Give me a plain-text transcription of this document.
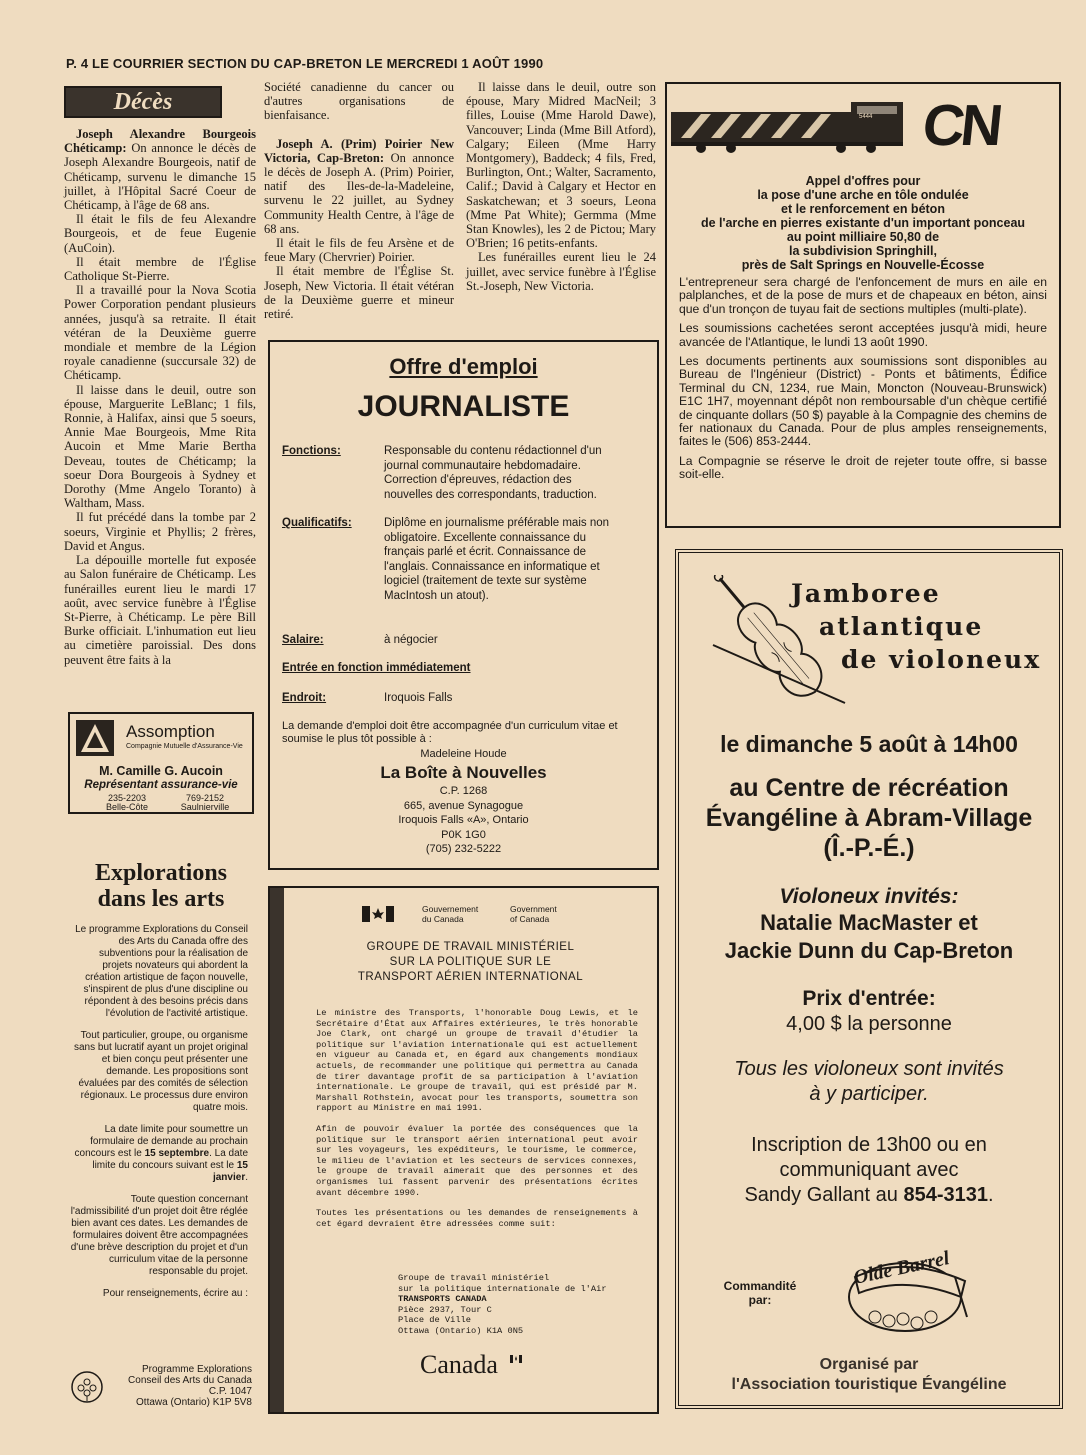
P. 4 LE COURRIER SECTION DU CAP-BRETON LE MERCREDI 1 AOÛT 1990
Décès

Joseph Alexandre Bourgeois Chéticamp: On annonce le décès de Joseph Alexandre Bourgeois, natif de Chéticamp, survenu le dimanche 15 juillet, à l'Hôpital Sacré Coeur de Chéticamp, à l'âge de 68 ans.

Il était le fils de feu Alexandre Bourgeois, et de feue Eugenie (AuCoin).

Il était membre de l'Église Catholique St-Pierre.

Il a travaillé pour la Nova Scotia Power Corporation pendant plusieurs années, jusqu'à sa retraite. Il était vétéran de la Deuxième guerre mondiale et membre de la Légion royale canadienne (succursale 32) de Chéticamp.

Il laisse dans le deuil, outre son épouse, Marguerite LeBlanc; 1 fils, Ronnie, à Halifax, ainsi que 5 soeurs, Annie Mae Bourgeois, Mme Rita Aucoin et Mme Marie Bertha Deveau, toutes de Chéticamp; la soeur Dora Bourgeois à Sydney et Dorothy (Mme Angelo Toranto) à Waltham, Mass.

Il fut précédé dans la tombe par 2 soeurs, Virginie et Phyllis; 2 frères, David et Angus.

La dépouille mortelle fut exposée au Salon funéraire de Chéticamp. Les funérailles eurent lieu le mardi 17 août, avec service funèbre à l'Église St-Pierre, à Chéticamp. Le père Bill Burke officiait. L'inhumation eut lieu au cimetière paroissial. Des dons peuvent être faits à la

Société canadienne du cancer ou d'autres organisations de bienfaisance.

Joseph A. (Prim) Poirier New Victoria, Cap-Breton: On annonce le décès de Joseph A. (Prim) Poirier, natif des Iles-de-la-Madeleine, survenu le 22 juillet, au Sydney Community Health Centre, à l'âge de 68 ans.

Il était le fils de feu Arsène et de feue Mary (Chervrier) Poirier.

Il était membre de l'Église St. Joseph, New Victoria. Il était vétéran de la Deuxième guerre et mineur retiré.

Il laisse dans le deuil, outre son épouse, Mary Midred MacNeil; 3 filles, Louise (Mme Harold Dawe), Vancouver; Linda (Mme Bill Atford), Calgary; Eileen (Mme Harry Montgomery), Baddeck; 4 fils, Fred, Burlington, Ont.; Walter, Sacramento, Calif.; David à Calgary et Hector en Saskatchewan; et 3 soeurs, Leona (Mme Pat White); Germma (Mme Stan Knowles), les 2 de Pictou; Mary O'Brien; 16 petits-enfants.

Les funérailles eurent lieu le 24 juillet, avec service funèbre à l'Église St.-Joseph, New Victoria.

Assomption
Compagnie Mutuelle d'Assurance-Vie
M. Camille G. Aucoin
Représentant assurance-vie
235-2203
Belle-Côte
769-2152
Saulnierville
Explorations
dans les arts

Le programme Explorations du Conseil des Arts du Canada offre des subventions pour la réalisation de projets novateurs qui abordent la création artistique de façon nouvelle, s'inspirent de plus d'une discipline ou répondent à des besoins précis dans l'évolution de l'activité artistique.

Tout particulier, groupe, ou organisme sans but lucratif ayant un projet original et bien conçu peut présenter une demande. Les propositions sont évaluées par des comités de sélection régionaux. Le processus dure environ quatre mois.

La date limite pour soumettre un formulaire de demande au prochain concours est le 15 septembre. La date limite du concours suivant est le 15 janvier.

Toute question concernant l'admissibilité d'un projet doit être réglée bien avant ces dates. Les demandes de formulaires doivent être accompagnées d'une brève description du projet et d'un curriculum vitae de la personne responsable du projet.

Pour renseignements, écrire au :

Programme Explorations
Conseil des Arts du Canada
C.P. 1047
Ottawa (Ontario) K1P 5V8
Offre d'emploi
JOURNALISTE
Fonctions:	Responsable du contenu rédactionnel d'un journal communautaire hebdomadaire. Correction d'épreuves, rédaction des nouvelles des correspondants, traduction.
Qualificatifs:	Diplôme en journalisme préférable mais non obligatoire. Excellente connaissance du français parlé et écrit. Connaissance de l'anglais. Connaissance en informatique et logiciel (traitement de texte sur système MacIntosh un atout).
Salaire:	à négocier
Entrée en fonction immédiatement
Endroit:	Iroquois Falls
La demande d'emploi doit être accompagnée d'un curriculum vitae et soumise le plus tôt possible à :
Madeleine Houde
La Boîte à Nouvelles
C.P. 1268
665, avenue Synagogue
Iroquois Falls «A», Ontario
P0K 1G0
(705) 232-5222
Gouvernement
du Canada
Government
of Canada
GROUPE DE TRAVAIL MINISTÉRIEL
SUR LA POLITIQUE SUR LE
TRANSPORT AÉRIEN INTERNATIONAL

Le ministre des Transports, l'honorable Doug Lewis, et le Secrétaire d'État aux Affaires extérieures, le très honorable Joe Clark, ont chargé un groupe de travail d'étudier la politique sur l'aviation internationale qui est actuellement en vigueur au Canada et, en égard aux changements mondiaux actuels, de recommander une politique qui permettra au Canada de tirer davantage profit de sa participation à l'aviation internationale. Le groupe de travail, qui est présidé par M. Marshall Rothstein, avocat pour les transports, soumettra son rapport au Ministre en mai 1991.

Afin de pouvoir évaluer la portée des conséquences que la politique sur le transport aérien international peut avoir sur les voyageurs, les expéditeurs, le tourisme, le commerce, le milieu de l'aviation et les secteurs de services connexes, le groupe de travail aimerait que des personnes et des organismes lui fassent parvenir des présentations écrites avant décembre 1990.

Toutes les présentations ou les demandes de renseignements à cet égard devraient être adressées comme suit:

Groupe de travail ministériel
sur la politique internationale de l'Air
TRANSPORTS CANADA
Pièce 2937, Tour C
Place de Ville
Ottawa (Ontario) K1A 0N5
Canada
5444 CN
Appel d'offres pour
la pose d'une arche en tôle ondulée
et le renforcement en béton
de l'arche en pierres existante d'un important ponceau
au point milliaire 50,80 de
la subdivision Springhill,
près de Salt Springs en Nouvelle-Écosse

L'entrepreneur sera chargé de l'enfoncement de murs en aile en palplanches, et de la pose de murs et de chapeaux en béton, ainsi que d'un tronçon de tuyau fait de sections multiples (multi-plate).

Les soumissions cachetées seront acceptées jusqu'à midi, heure avancée de l'Atlantique, le lundi 13 août 1990.

Les documents pertinents aux soumissions sont disponibles au Bureau de l'Ingénieur (District) - Ponts et bâtiments, Édifice Terminal du CN, 1234, rue Main, Moncton (Nouveau-Brunswick) E1C 1H7, moyennant dépôt non remboursable d'un chèque certifié de cinquante dollars (50 $) payable à la Compagnie des chemins de fer nationaux du Canada. Pour de plus amples renseignements, faites le (506) 853-2444.

La Compagnie se réserve le droit de rejeter toute offre, si basse soit-elle.

Jamboree
atlantique
de violoneux
le dimanche 5 août à 14h00
au Centre de récréation
Évangéline à Abram-Village
(Î.-P.-É.)
Violoneux invités:
Natalie MacMaster et
Jackie Dunn du Cap-Breton
Prix d'entrée:
4,00 $ la personne
Tous les violoneux sont invités
à y participer.
Inscription de 13h00 ou en
communiquant avec
Sandy Gallant au 854-3131.
Commandité
par:
Olde Barrel
Organisé par
l'Association touristique Évangéline
